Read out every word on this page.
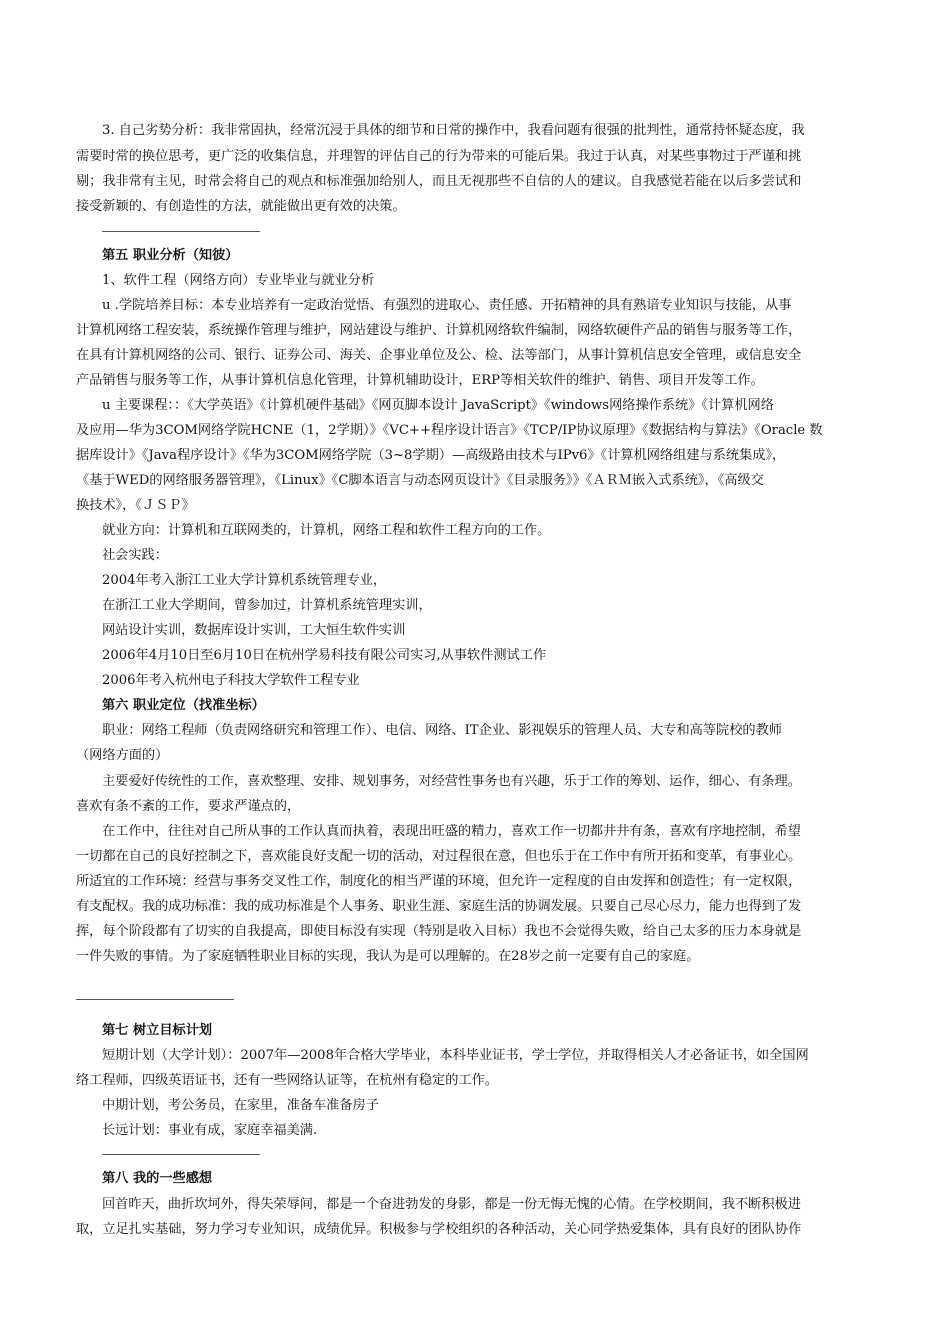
3. 自己劣势分析：我非常固执，经常沉浸于具体的细节和日常的操作中，我看问题有很强的批判性，通常持怀疑态度，我
需要时常的换位思考，更广泛的收集信息，并理智的评估自己的行为带来的可能后果。我过于认真，对某些事物过于严谨和挑
剔；我非常有主见，时常会将自己的观点和标准强加给别人，而且无视那些不自信的人的建议。自我感觉若能在以后多尝试和
接受新颖的、有创造性的方法，就能做出更有效的决策。
第五 职业分析（知彼）
1、软件工程（网络方向）专业毕业与就业分析
u .学院培养目标：本专业培养有一定政治觉悟、有强烈的进取心、责任感、开拓精神的具有熟谙专业知识与技能，从事
计算机网络工程安装，系统操作管理与维护，网站建设与维护、计算机网络软件编制，网络软硬件产品的销售与服务等工作，
在具有计算机网络的公司、银行、证券公司、海关、企事业单位及公、检、法等部门，从事计算机信息安全管理，或信息安全
产品销售与服务等工作，从事计算机信息化管理，计算机辅助设计，ERP等相关软件的维护、销售、项目开发等工作。
u 主要课程：：《大学英语》《计算机硬件基础》《网页脚本设计 JavaScript》《windows网络操作系统》《计算机网络
及应用—华为3COM网络学院HCNE（1，2学期）》《VC++程序设计语言》《TCP/IP协议原理》《数据结构与算法》《Oracle 数
据库设计》《Java程序设计》《华为3COM网络学院（3~8学期）—高级路由技术与IPv6》《计算机网络组建与系统集成》，
《基于WED的网络服务器管理》，《Linux》《C脚本语言与动态网页设计》《目录服务》》《ＡＲＭ嵌入式系统》，《高级交
换技术》，《ＪＳＰ》
就业方向：计算机和互联网类的，计算机，网络工程和软件工程方向的工作。
社会实践：
2004年考入浙江工业大学计算机系统管理专业，
在浙江工业大学期间，曾参加过，计算机系统管理实训，
网站设计实训，数据库设计实训，工大恒生软件实训
2006年4月10日至6月10日在杭州学易科技有限公司实习,从事软件测试工作
2006年考入杭州电子科技大学软件工程专业
第六 职业定位（找准坐标）
职业：网络工程师（负责网络研究和管理工作）、电信、网络、IT企业、影视娱乐的管理人员、大专和高等院校的教师
（网络方面的）
主要爱好传统性的工作，喜欢整理、安排、规划事务，对经营性事务也有兴趣，乐于工作的筹划、运作，细心、有条理。
喜欢有条不紊的工作，要求严谨点的，
在工作中，往往对自己所从事的工作认真而执着，表现出旺盛的精力，喜欢工作一切都井井有条，喜欢有序地控制，希望
一切都在自己的良好控制之下，喜欢能良好支配一切的活动，对过程很在意，但也乐于在工作中有所开拓和变革，有事业心。
所适宜的工作环境：经营与事务交叉性工作，制度化的相当严谨的环境，但允许一定程度的自由发挥和创造性；有一定权限，
有支配权。我的成功标准：我的成功标准是个人事务、职业生涯、家庭生活的协调发展。只要自己尽心尽力，能力也得到了发
挥，每个阶段都有了切实的自我提高，即使目标没有实现（特别是收入目标）我也不会觉得失败，给自己太多的压力本身就是
一件失败的事情。为了家庭牺牲职业目标的实现，我认为是可以理解的。在28岁之前一定要有自己的家庭。
第七 树立目标计划
短期计划（大学计划）：2007年—2008年合格大学毕业，本科毕业证书，学士学位，并取得相关人才必备证书，如全国网
络工程师，四级英语证书，还有一些网络认证等，在杭州有稳定的工作。
中期计划，考公务员，在家里，准备车准备房子
长远计划：事业有成，家庭幸福美满.
第八 我的一些感想
回首昨天，曲折坎坷外，得失荣辱间，都是一个奋进勃发的身影，都是一份无悔无愧的心情。在学校期间，我不断积极进
取，立足扎实基础，努力学习专业知识，成绩优异。积极参与学校组织的各种活动，关心同学热爱集体，具有良好的团队协作
